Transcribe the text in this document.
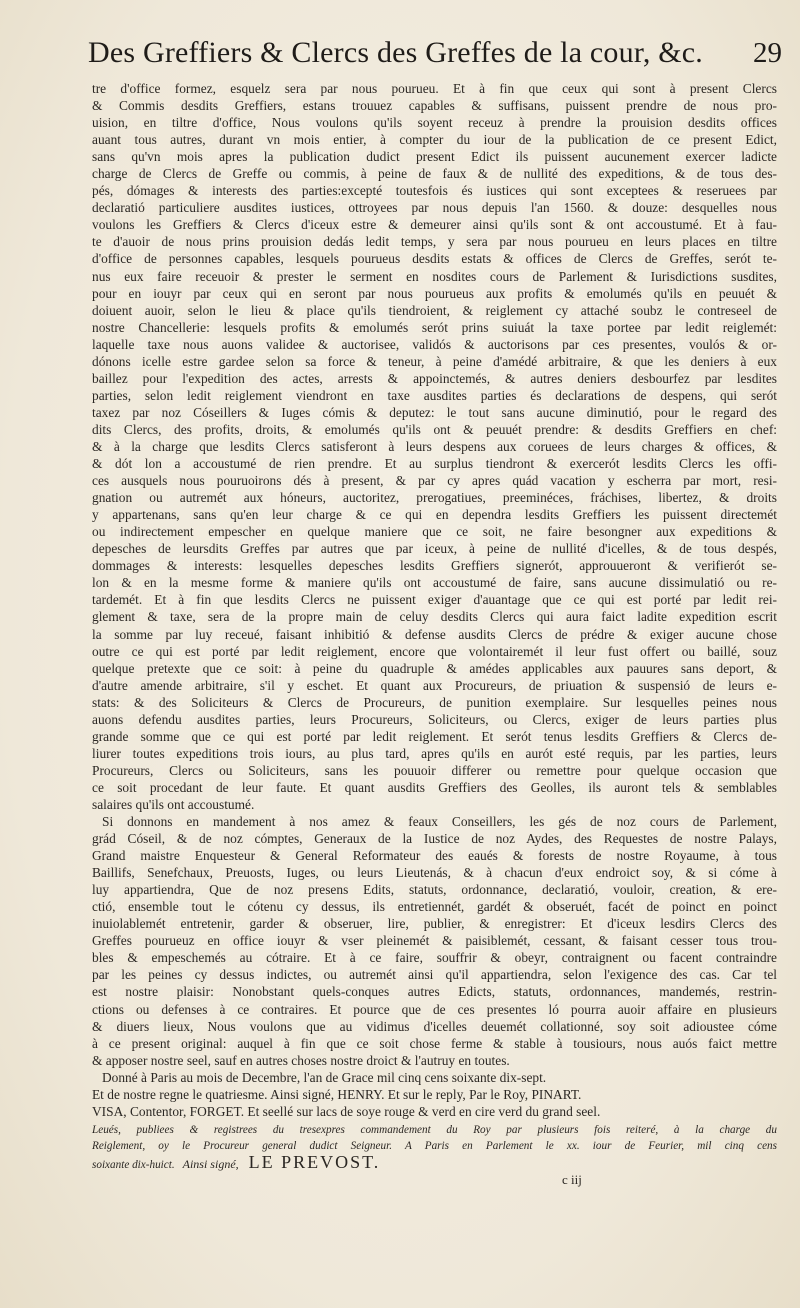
Des Greffiers & Clercs des Greffes de la cour, &c. 29
tre d'office formez, esquelz sera par nous pourueu. Et à fin que ceux qui sont à present Clercs
& Commis desdits Greffiers, estans trouuez capables & suffisans, puissent prendre de nous pro-
uision, en tiltre d'office, Nous voulons qu'ils soyent receuz à prendre la prouision desdits offices
auant tous autres, durant vn mois entier, à compter du iour de la publication de ce present Edict,
sans qu'vn mois apres la publication dudict present Edict ils puissent aucunement exercer ladicte
charge de Clercs de Greffe ou commis, à peine de faux & de nullité des expeditions, & de tous des-
pés, dómages & interests des parties:excepté toutesfois és iustices qui sont exceptees & reseruees par
declaratió particuliere ausdites iustices, ottroyees par nous depuis l'an 1560. & douze: desquelles nous
voulons les Greffiers & Clercs d'iceux estre & demeurer ainsi qu'ils sont & ont accoustumé. Et à fau-
te d'auoir de nous prins prouision dedás ledit temps, y sera par nous pourueu en leurs places en tiltre
d'office de personnes capables, lesquels pourueus desdits estats & offices de Clercs de Greffes, serót te-
nus eux faire receuoir & prester le serment en nosdites cours de Parlement & Iurisdictions susdites,
pour en iouyr par ceux qui en seront par nous pourueus aux profits & emolumés qu'ils en peuuét &
doiuent auoir, selon le lieu & place qu'ils tiendroient, & reiglement cy attaché soubz le contreseel de
nostre Chancellerie: lesquels profits & emolumés serót prins suiuát la taxe portee par ledit reiglemét:
laquelle taxe nous auons validee & auctorisee, validós & auctorisons par ces presentes, voulós & or-
dónons icelle estre gardee selon sa force & teneur, à peine d'amédé arbitraire, & que les deniers à eux
baillez pour l'expedition des actes, arrests & appoinctemés, & autres deniers desbourfez par lesdites
parties, selon ledit reiglement viendront en taxe ausdites parties és declarations de despens, qui serót
taxez par noz Cóseillers & Iuges cómis & deputez: le tout sans aucune diminutió, pour le regard des
dits Clercs, des profits, droits, & emolumés qu'ils ont & peuuét prendre: & desdits Greffiers en chef:
& à la charge que lesdits Clercs satisferont à leurs despens aux coruees de leurs charges & offices, &
& dót lon a accoustumé de rien prendre. Et au surplus tiendront & exercerót lesdits Clercs les offi-
ces ausquels nous pouruoirons dés à present, & par cy apres quád vacation y escherra par mort, resi-
gnation ou autremét aux hóneurs, auctoritez, prerogatiues, preeminéces, fráchises, libertez, & droits
y appartenans, sans qu'en leur charge & ce qui en dependra lesdits Greffiers les puissent directemét
ou indirectement empescher en quelque maniere que ce soit, ne faire besongner aux expeditions &
depesches de leursdits Greffes par autres que par iceux, à peine de nullité d'icelles, & de tous despés,
dommages & interests: lesquelles depesches lesdits Greffiers signerót, approuueront & verifierót se-
lon & en la mesme forme & maniere qu'ils ont accoustumé de faire, sans aucune dissimulatió ou re-
tardemét. Et à fin que lesdits Clercs ne puissent exiger d'auantage que ce qui est porté par ledit rei-
glement & taxe, sera de la propre main de celuy desdits Clercs qui aura faict ladite expedition escrit
la somme par luy receué, faisant inhibitió & defense ausdits Clercs de prédre & exiger aucune chose
outre ce qui est porté par ledit reiglement, encore que volontairemét il leur fust offert ou baillé, souz
quelque pretexte que ce soit: à peine du quadruple & amédes applicables aux pauures sans deport, &
d'autre amende arbitraire, s'il y eschet. Et quant aux Procureurs, de priuation & suspensió de leurs e-
stats: & des Soliciteurs & Clercs de Procureurs, de punition exemplaire. Sur lesquelles peines nous
auons defendu ausdites parties, leurs Procureurs, Soliciteurs, ou Clercs, exiger de leurs parties plus
grande somme que ce qui est porté par ledit reiglement. Et serót tenus lesdits Greffiers & Clercs de-
liurer toutes expeditions trois iours, au plus tard, apres qu'ils en aurót esté requis, par les parties, leurs
Procureurs, Clercs ou Soliciteurs, sans les pouuoir differer ou remettre pour quelque occasion que
ce soit procedant de leur faute. Et quant ausdits Greffiers des Geolles, ils auront tels & semblables
salaires qu'ils ont accoustumé.
Si donnons en mandement à nos amez & feaux Conseillers, les gés de noz cours de Parlement,
grád Cóseil, & de noz cómptes, Generaux de la Iustice de noz Aydes, des Requestes de nostre Palays,
Grand maistre Enquesteur & General Reformateur des eaués & forests de nostre Royaume, à tous
Baillifs, Senefchaux, Preuosts, Iuges, ou leurs Lieutenás, & à chacun d'eux endroict soy, & si cóme à
luy appartiendra, Que de noz presens Edits, statuts, ordonnance, declaratió, vouloir, creation, & ere-
ctió, ensemble tout le cótenu cy dessus, ils entretiennét, gardét & obseruét, facét de poinct en poinct
inuiolablemét entretenir, garder & obseruer, lire, publier, & enregistrer: Et d'iceux lesdirs Clercs des
Greffes pourueuz en office iouyr & vser pleinemét & paisiblemét, cessant, & faisant cesser tous trou-
bles & empeschemés au cótraire. Et à ce faire, souffrir & obeyr, contraignent ou facent contraindre
par les peines cy dessus indictes, ou autremét ainsi qu'il appartiendra, selon l'exigence des cas. Car tel
est nostre plaisir: Nonobstant quels-conques autres Edicts, statuts, ordonnances, mandemés, restrin-
ctions ou defenses à ce contraires. Et pource que de ces presentes ló pourra auoir affaire en plusieurs
& diuers lieux, Nous voulons que au vidimus d'icelles deuemét collationné, soy soit adioustee cóme
à ce present original: auquel à fin que ce soit chose ferme & stable à tousiours, nous auós faict mettre
& apposer nostre seel, sauf en autres choses nostre droict & l'autruy en toutes.
Donné à Paris au mois de Decembre, l'an de Grace mil cinq cens soixante dix-sept.
Et de nostre regne le quatriesme. Ainsi signé, HENRY. Et sur le reply, Par le Roy, PINART.
VISA, Contentor, FORGET. Et seellé sur lacs de soye rouge & verd en cire verd du grand seel.
Leués, publiees & registrees du tresexpres commandement du Roy par plusieurs fois reiteré, à la charge du
Reiglement, oy le Procureur general dudict Seigneur. A Paris en Parlement le xx. iour de Feurier, mil cinq cens
soixante dix-huict. Ainsi signé, LE PREVOST.
c iij
